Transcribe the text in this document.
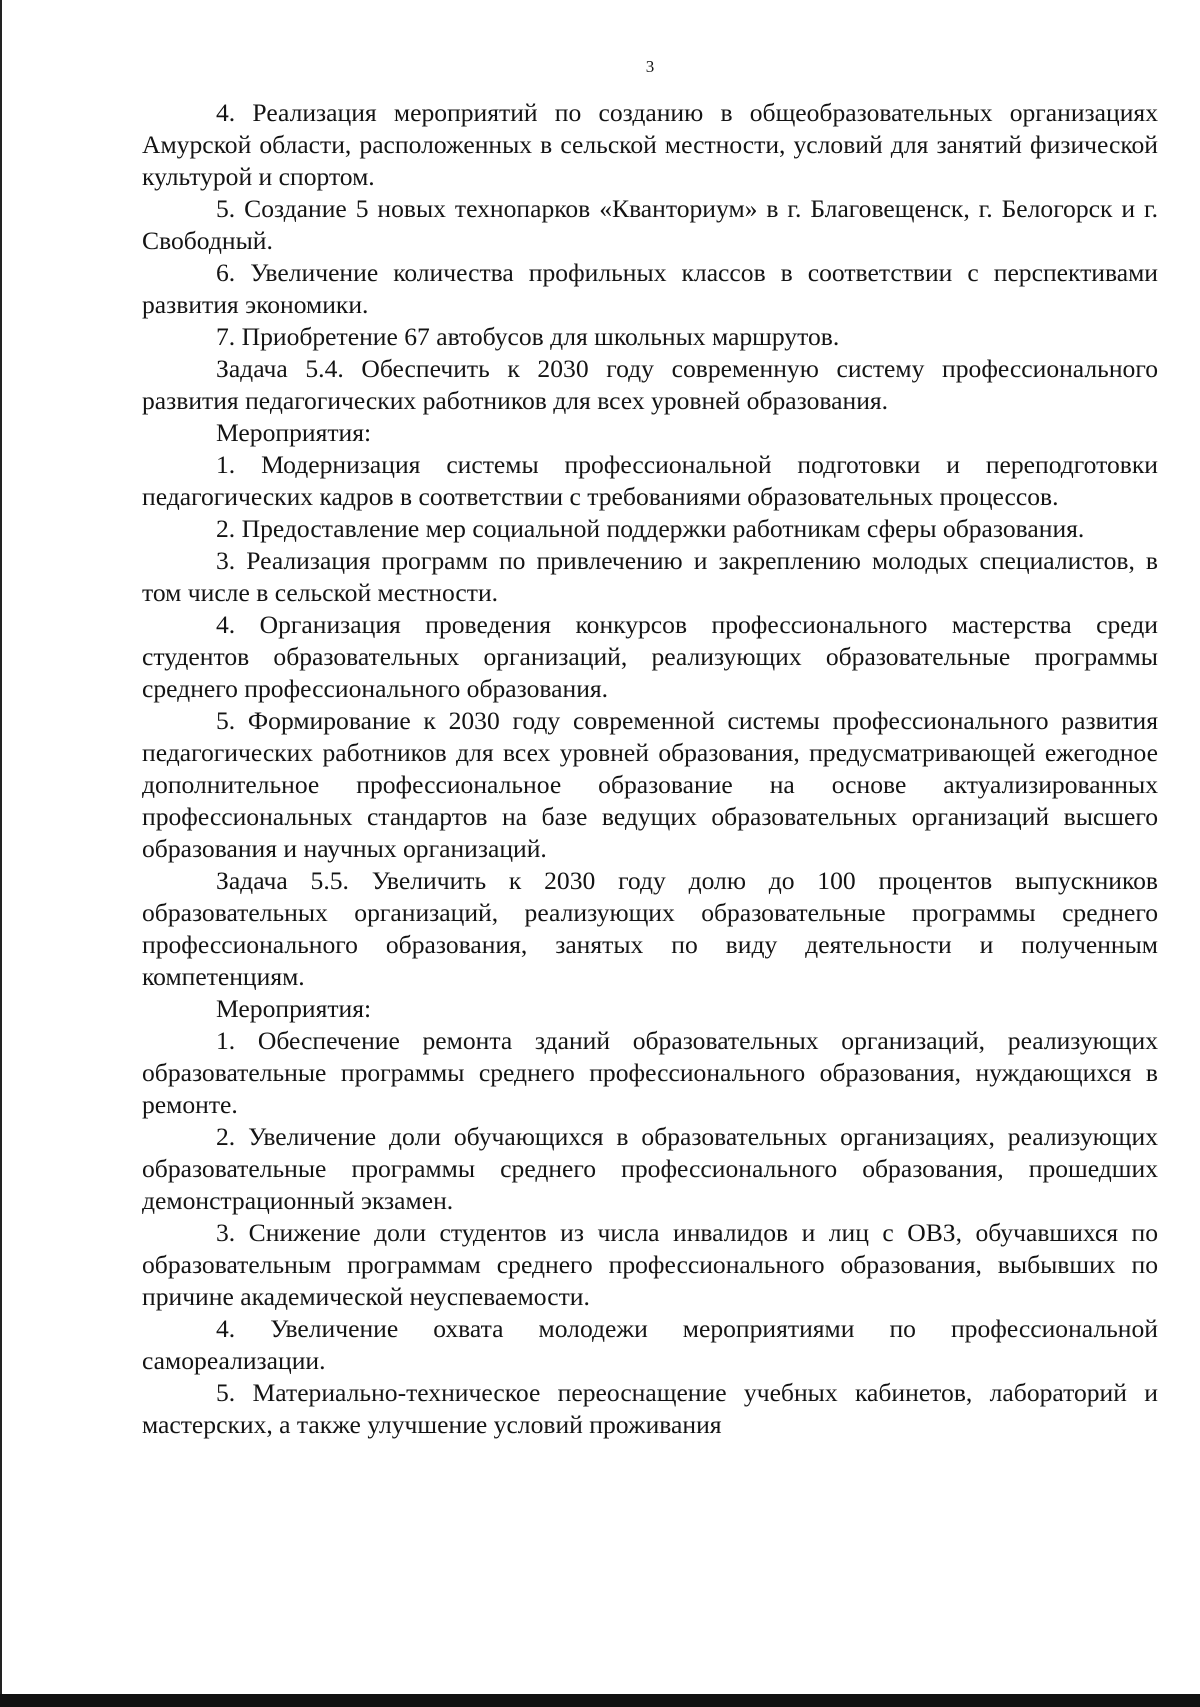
3

4. Реализация мероприятий по созданию в общеобразовательных организациях Амурской области, расположенных в сельской местности, условий для занятий физической культурой и спортом.

5. Создание 5 новых технопарков «Кванториум» в г. Благовещенск, г. Белогорск и г. Свободный.

6. Увеличение количества профильных классов в соответствии с перспективами развития экономики.

7. Приобретение 67 автобусов для школьных маршрутов.

Задача 5.4. Обеспечить к 2030 году современную систему профессионального развития педагогических работников для всех уровней образования.

Мероприятия:

1. Модернизация системы профессиональной подготовки и переподготовки педагогических кадров в соответствии с требованиями образовательных процессов.

2. Предоставление мер социальной поддержки работникам сферы образования.

3. Реализация программ по привлечению и закреплению молодых специалистов, в том числе в сельской местности.

4. Организация проведения конкурсов профессионального мастерства среди студентов образовательных организаций, реализующих образовательные программы среднего профессионального образования.

5. Формирование к 2030 году современной системы профессионального развития педагогических работников для всех уровней образования, предусматривающей ежегодное дополнительное профессиональное образование на основе актуализированных профессиональных стандартов на базе ведущих образовательных организаций высшего образования и научных организаций.

Задача 5.5. Увеличить к 2030 году долю до 100 процентов выпускников образовательных организаций, реализующих образовательные программы среднего профессионального образования, занятых по виду деятельности и полученным компетенциям.

Мероприятия:

1. Обеспечение ремонта зданий образовательных организаций, реализующих образовательные программы среднего профессионального образования, нуждающихся в ремонте.

2. Увеличение доли обучающихся в образовательных организациях, реализующих образовательные программы среднего профессионального образования, прошедших демонстрационный экзамен.

3. Снижение доли студентов из числа инвалидов и лиц с ОВЗ, обучавшихся по образовательным программам среднего профессионального образования, выбывших по причине академической неуспеваемости.

4. Увеличение охвата молодежи мероприятиями по профессиональной самореализации.

5. Материально-техническое переоснащение учебных кабинетов, лабораторий и мастерских, а также улучшение условий проживания
